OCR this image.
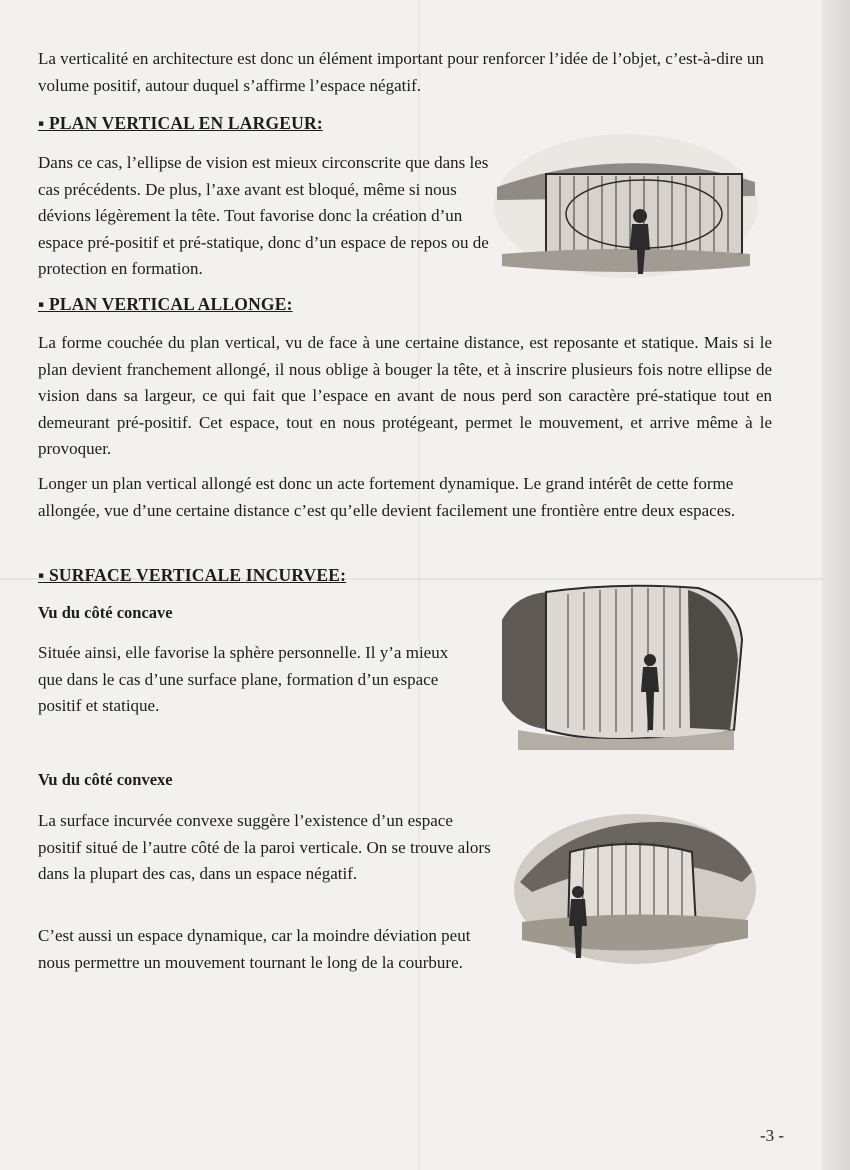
La verticalité en architecture est donc un élément important pour renforcer l’idée de l’objet, c’est-à-dire un volume positif, autour duquel s’affirme l’espace négatif.

▪ PLAN VERTICAL EN LARGEUR:

Dans ce cas, l’ellipse de vision est mieux circonscrite que dans les cas précédents. De plus, l’axe avant est bloqué, même si nous dévions légèrement la tête. Tout favorise donc la création d’un espace pré-positif et pré-statique, donc d’un espace de repos ou de protection en formation.

▪ PLAN VERTICAL ALLONGE:

La forme couchée du plan vertical, vu de face à une certaine distance, est reposante et statique. Mais si le plan devient franchement allongé, il nous oblige à bouger la tête, et à inscrire plusieurs fois notre ellipse de vision dans sa largeur, ce qui fait que l’espace en avant de nous perd son caractère pré-statique tout en demeurant pré-positif. Cet espace, tout en nous protégeant, permet le mouvement, et arrive même à le provoquer.

Longer un plan vertical allongé est donc un acte fortement dynamique. Le grand intérêt de cette forme allongée, vue d’une certaine distance c’est qu’elle devient facilement une frontière entre deux espaces.

▪ SURFACE VERTICALE INCURVEE:
Vu du côté concave

Située ainsi, elle favorise la sphère personnelle. Il y’a mieux que dans le cas d’une surface plane, formation d’un espace positif et statique.

Vu du côté convexe

La surface incurvée convexe suggère l’existence d’un espace positif situé de l’autre côté de la paroi verticale. On se trouve alors dans la plupart des cas, dans un espace négatif.

C’est aussi un espace dynamique, car la moindre déviation peut nous permettre un mouvement tournant le long de la courbure.

-3 -
